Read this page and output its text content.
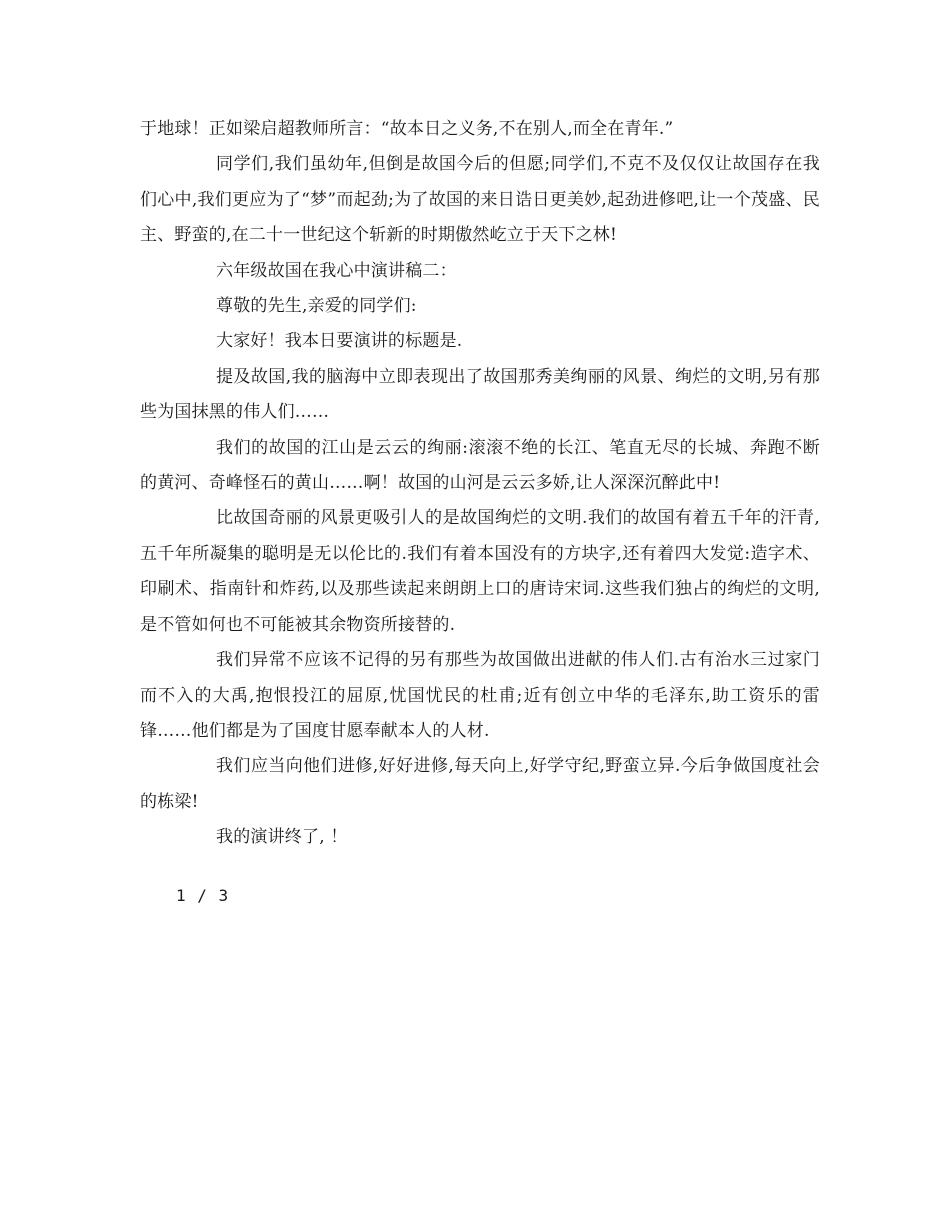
于地球！正如梁启超教师所言：“故本日之义务,不在别人,而全在青年.”

同学们,我们虽幼年,但倒是故国今后的但愿;同学们,不克不及仅仅让故国存在我们心中,我们更应为了“梦”而起劲;为了故国的来日诰日更美妙,起劲进修吧,让一个茂盛、民主、野蛮的,在二十一世纪这个斩新的时期傲然屹立于天下之林!

六年级故国在我心中演讲稿二：

尊敬的先生,亲爱的同学们:

大家好！我本日要演讲的标题是.

提及故国,我的脑海中立即表现出了故国那秀美绚丽的风景、绚烂的文明,另有那些为国抹黑的伟人们……

我们的故国的江山是云云的绚丽:滚滚不绝的长江、笔直无尽的长城、奔跑不断的黄河、奇峰怪石的黄山……啊！故国的山河是云云多娇,让人深深沉醉此中!

比故国奇丽的风景更吸引人的是故国绚烂的文明.我们的故国有着五千年的汗青,五千年所凝集的聪明是无以伦比的.我们有着本国没有的方块字,还有着四大发觉:造字术、印刷术、指南针和炸药,以及那些读起来朗朗上口的唐诗宋词.这些我们独占的绚烂的文明,是不管如何也不可能被其余物资所接替的.

我们异常不应该不记得的另有那些为故国做出进献的伟人们.古有治水三过家门而不入的大禹,抱恨投江的屈原,忧国忧民的杜甫;近有创立中华的毛泽东,助工资乐的雷锋……他们都是为了国度甘愿奉献本人的人材.

我们应当向他们进修,好好进修,每天向上,好学守纪,野蛮立异.今后争做国度社会的栋梁!

我的演讲终了, ！

1 / 3
